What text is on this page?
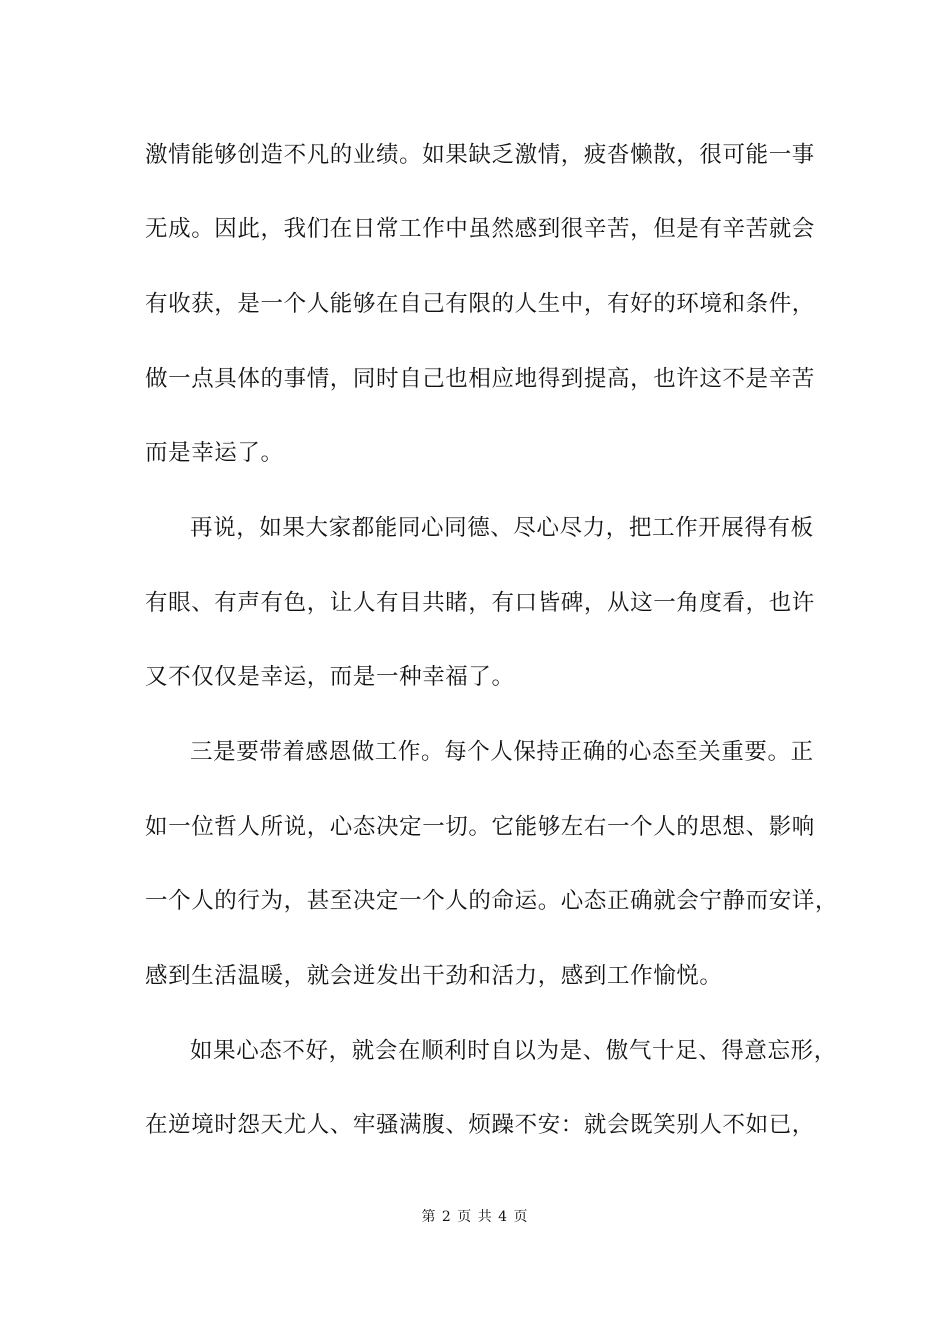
激情能够创造不凡的业绩。如果缺乏激情，疲沓懒散，很可能一事
无成。因此，我们在日常工作中虽然感到很辛苦，但是有辛苦就会
有收获，是一个人能够在自己有限的人生中，有好的环境和条件，
做一点具体的事情，同时自己也相应地得到提高，也许这不是辛苦
而是幸运了。
再说，如果大家都能同心同德、尽心尽力，把工作开展得有板
有眼、有声有色，让人有目共睹，有口皆碑，从这一角度看，也许
又不仅仅是幸运，而是一种幸福了。
三是要带着感恩做工作。每个人保持正确的心态至关重要。正
如一位哲人所说，心态决定一切。它能够左右一个人的思想、影响
一个人的行为，甚至决定一个人的命运。心态正确就会宁静而安详，
感到生活温暖，就会迸发出干劲和活力，感到工作愉悦。
如果心态不好，就会在顺利时自以为是、傲气十足、得意忘形，
在逆境时怨天尤人、牢骚满腹、烦躁不安：就会既笑别人不如已，
第 2 页 共 4 页
